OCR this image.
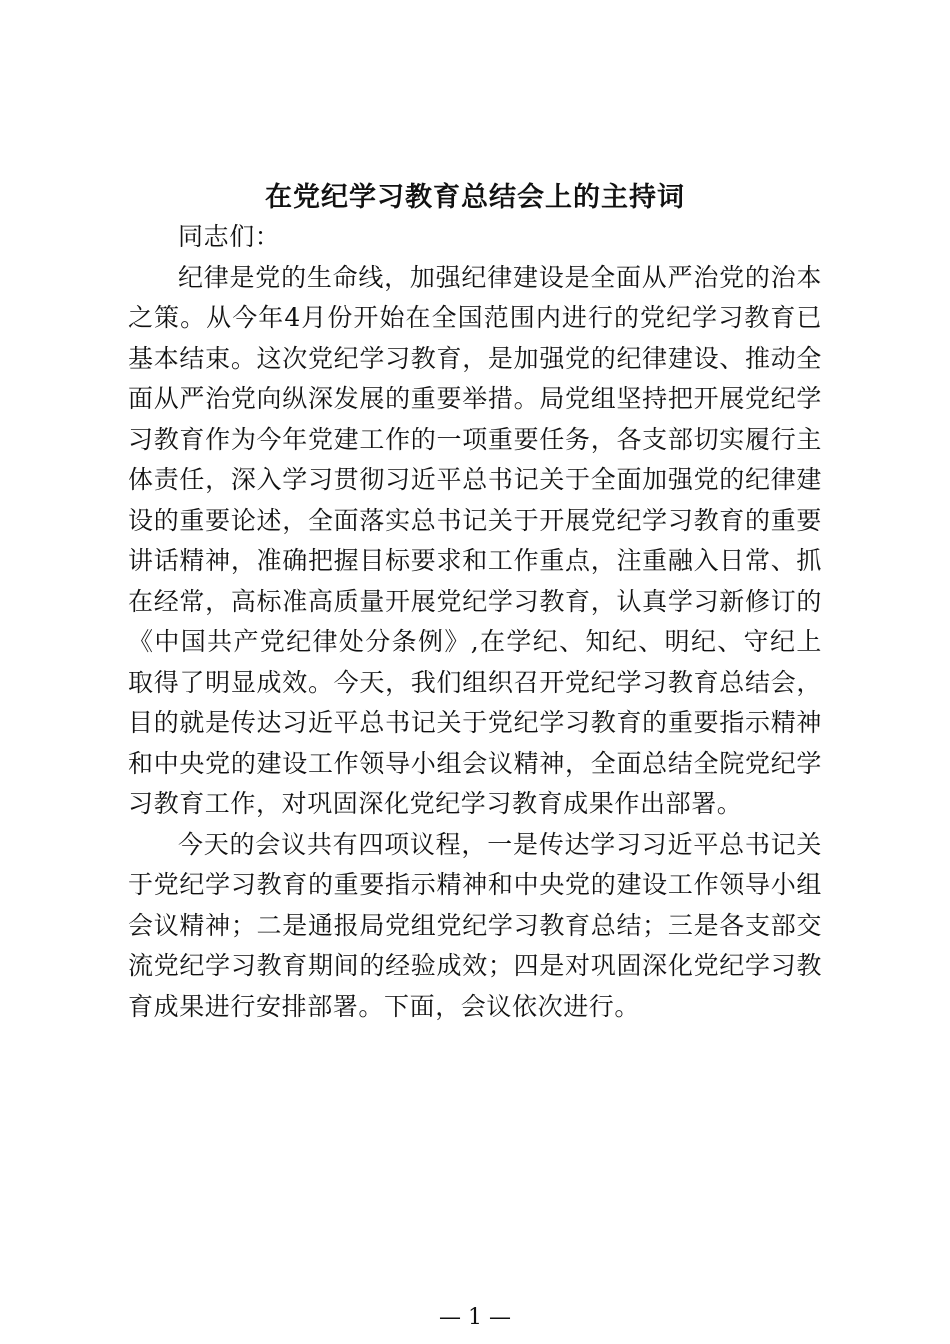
在党纪学习教育总结会上的主持词

同志们：

纪律是党的生命线，加强纪律建设是全面从严治党的治本之策。从今年4月份开始在全国范围内进行的党纪学习教育已基本结束。这次党纪学习教育，是加强党的纪律建设、推动全面从严治党向纵深发展的重要举措。局党组坚持把开展党纪学习教育作为今年党建工作的一项重要任务，各支部切实履行主体责任，深入学习贯彻习近平总书记关于全面加强党的纪律建设的重要论述，全面落实总书记关于开展党纪学习教育的重要讲话精神，准确把握目标要求和工作重点，注重融入日常、抓在经常，高标准高质量开展党纪学习教育，认真学习新修订的《中国共产党纪律处分条例》,在学纪、知纪、明纪、守纪上取得了明显成效。今天，我们组织召开党纪学习教育总结会，目的就是传达习近平总书记关于党纪学习教育的重要指示精神和中央党的建设工作领导小组会议精神，全面总结全院党纪学习教育工作，对巩固深化党纪学习教育成果作出部署。

今天的会议共有四项议程，一是传达学习习近平总书记关于党纪学习教育的重要指示精神和中央党的建设工作领导小组会议精神；二是通报局党组党纪学习教育总结；三是各支部交流党纪学习教育期间的经验成效；四是对巩固深化党纪学习教育成果进行安排部署。下面，会议依次进行。

— 1 —
